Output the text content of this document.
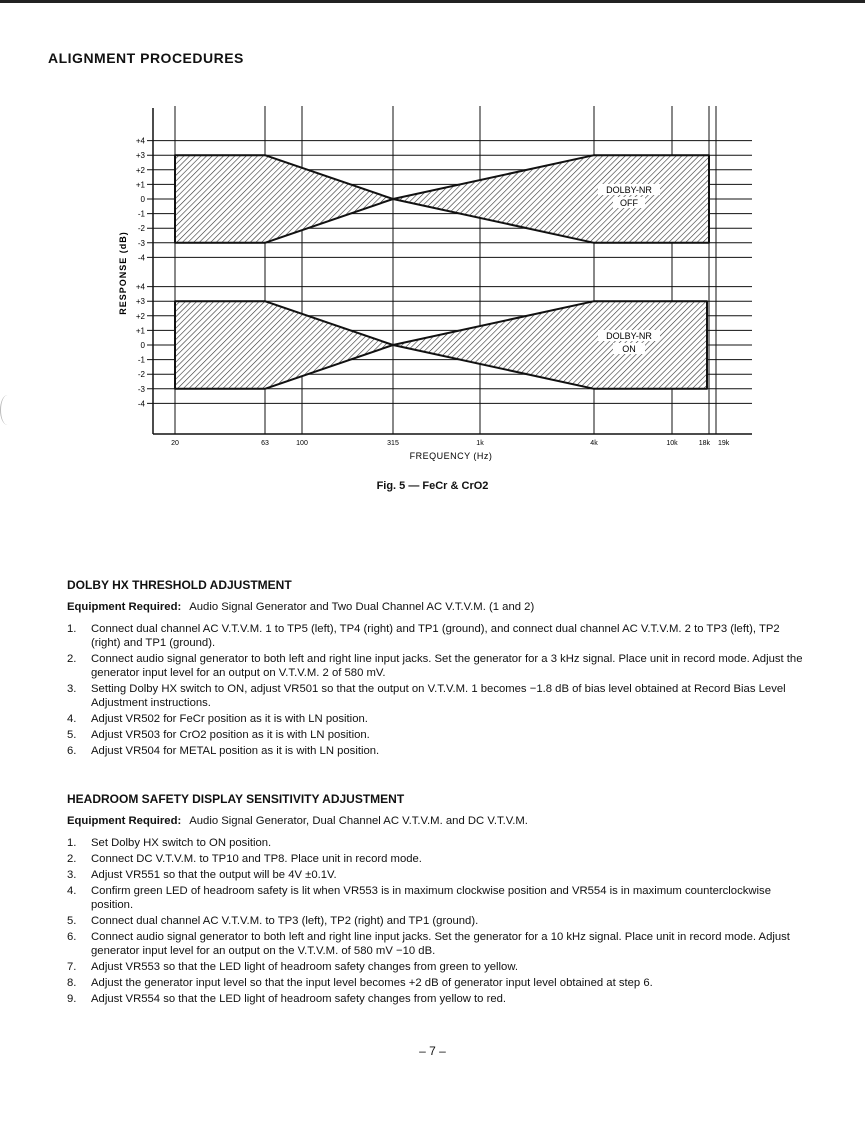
ALIGNMENT PROCEDURES
20	63	100	315	1k	4k	10k	18k 19k
+4
+3
+2
+1
0
-1
-2
-3
-4
+4
+3
+2
+1
0
-1
-2
-3
-4
DOLBY-NR
OFF
DOLBY-NR
ON
FREQUENCY (Hz)
RESPONSE (dB)
Fig. 5 — FeCr & CrO2
DOLBY HX THRESHOLD ADJUSTMENT
Equipment Required: Audio Signal Generator and Two Dual Channel AC V.T.V.M. (1 and 2)
1. Connect dual channel AC V.T.V.M. 1 to TP5 (left), TP4 (right) and TP1 (ground), and connect dual channel AC V.T.V.M. 2 to TP3 (left), TP2 (right) and TP1 (ground).
2. Connect audio signal generator to both left and right line input jacks. Set the generator for a 3 kHz signal. Place unit in record mode. Adjust the generator input level for an output on V.T.V.M. 2 of 580 mV.
3. Setting Dolby HX switch to ON, adjust VR501 so that the output on V.T.V.M. 1 becomes −1.8 dB of bias level obtained at Record Bias Level Adjustment instructions.
4. Adjust VR502 for FeCr position as it is with LN position.
5. Adjust VR503 for CrO2 position as it is with LN position.
6. Adjust VR504 for METAL position as it is with LN position.
HEADROOM SAFETY DISPLAY SENSITIVITY ADJUSTMENT
Equipment Required: Audio Signal Generator, Dual Channel AC V.T.V.M. and DC V.T.V.M.
1. Set Dolby HX switch to ON position.
2. Connect DC V.T.V.M. to TP10 and TP8. Place unit in record mode.
3. Adjust VR551 so that the output will be 4V ±0.1V.
4. Confirm green LED of headroom safety is lit when VR553 is in maximum clockwise position and VR554 is in maximum counterclockwise position.
5. Connect dual channel AC V.T.V.M. to TP3 (left), TP2 (right) and TP1 (ground).
6. Connect audio signal generator to both left and right line input jacks. Set the generator for a 10 kHz signal. Place unit in record mode. Adjust generator input level for an output on the V.T.V.M. of 580 mV −10 dB.
7. Adjust VR553 so that the LED light of headroom safety changes from green to yellow.
8. Adjust the generator input level so that the input level becomes +2 dB of generator input level obtained at step 6.
9. Adjust VR554 so that the LED light of headroom safety changes from yellow to red.
– 7 –
